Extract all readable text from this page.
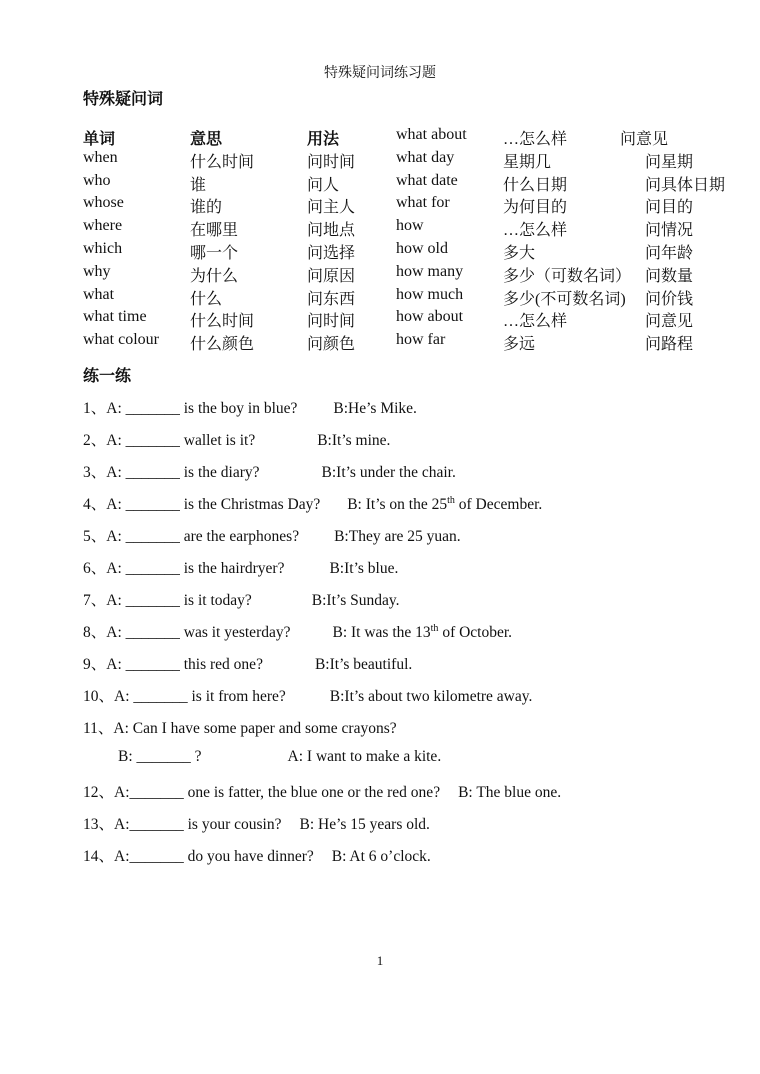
特殊疑问词练习题
特殊疑问词
单词	意思	用法	what about …怎么样	问意见
when	什么时间	问时间	what day	星期几	问星期
who	谁	问人	what date	什么日期	问具体日期
whose	谁的	问主人	what for	为何目的	问目的
where	在哪里	问地点	how	…怎么样	问情况
which	哪一个	问选择	how old	多大	问年龄
why	为什么	问原因	how many 多少（可数名词） 问数量
what	什么	问东西	how much 多少(不可数名词) 问价钱
what time	什么时间	问时间	how about …怎么样	问意见
what colour 什么颜色	问颜色	how far	多远	问路程
练一练
1、A: _______ is the boy in blue? B:He’s Mike.
2、A: _______ wallet is it?	B:It’s mine.
3、A: _______ is the diary?	B:It’s under the chair.
4、A: _______ is the Christmas Day? B: It’s on the 25th of December.
5、A: _______ are the earphones? B:They are 25 yuan.
6、A: _______ is the hairdryer?	B:It’s blue.
7、A: _______ is it today?	B:It’s Sunday.
8、A: _______ was it yesterday?	B: It was the 13th of October.
9、A: _______ this red one?	B:It’s beautiful.
10、A: _______ is it from here?	B:It’s about two kilometre away.
11、A: Can I have some paper and some crayons?
B: _______ ?	A: I want to make a kite.
12、A:_______ one is fatter, the blue one or the red one? B: The blue one.
13、A:_______ is your cousin? B: He’s 15 years old.
14、A:_______ do you have dinner? B: At 6 o’clock.
1
